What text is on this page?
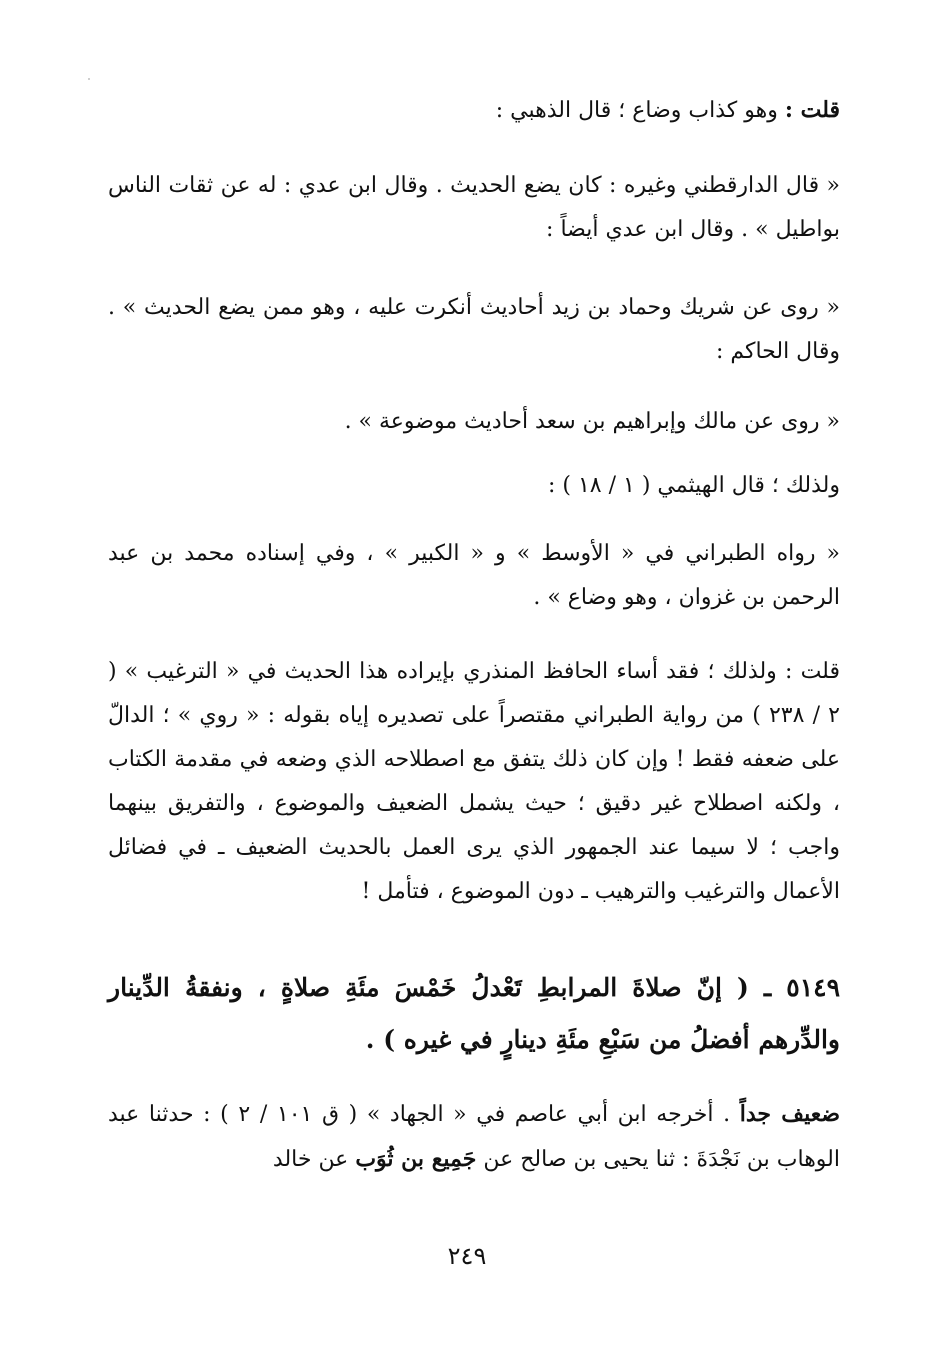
قلت : وهو كذاب وضاع ؛ قال الذهبي :

« قال الدارقطني وغيره : كان يضع الحديث . وقال ابن عدي : له عن ثقات الناس بواطيل » . وقال ابن عدي أيضاً :

« روى عن شريك وحماد بن زيد أحاديث أنكرت عليه ، وهو ممن يضع الحديث » . وقال الحاكم :

« روى عن مالك وإبراهيم بن سعد أحاديث موضوعة » .

ولذلك ؛ قال الهيثمي ( ١ / ١٨ ) :

« رواه الطبراني في « الأوسط » و « الكبير » ، وفي إسناده محمد بن عبد الرحمن بن غزوان ، وهو وضاع » .

قلت : ولذلك ؛ فقد أساء الحافظ المنذري بإيراده هذا الحديث في « الترغيب » ( ٢ / ٢٣٨ ) من رواية الطبراني مقتصراً على تصديره إياه بقوله : « روي » ؛ الدالّ على ضعفه فقط ! وإن كان ذلك يتفق مع اصطلاحه الذي وضعه في مقدمة الكتاب ، ولكنه اصطلاح غير دقيق ؛ حيث يشمل الضعيف والموضوع ، والتفريق بينهما واجب ؛ لا سيما عند الجمهور الذي يرى العمل بالحديث الضعيف ـ في فضائل الأعمال والترغيب والترهيب ـ دون الموضوع ، فتأمل !

٥١٤٩ ـ ( إنّ صلاةَ المرابطِ تَعْدلُ خَمْسَ مئَةِ صلاةٍ ، ونفقةُ الدِّينار والدِّرهم أفضلُ من سَبْعِ مئَةِ دينارٍ في غيره ) .

ضعيف جداً . أخرجه ابن أبي عاصم في « الجهاد » ( ق ١٠١ / ٢ ) : حدثنا عبد الوهاب بن نَجْدَةَ : ثنا يحيى بن صالح عن جَمِيع بن ثُوَب عن خالد

٢٤٩
